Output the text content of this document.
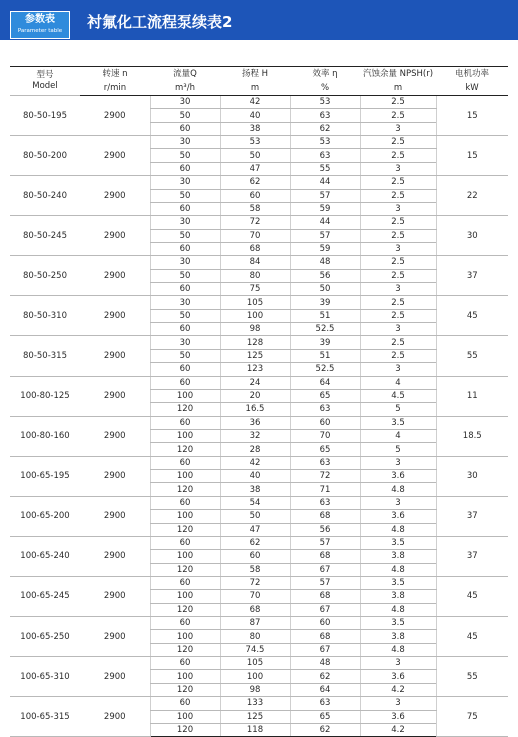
参数表
Parameter table	衬氟化工流程泵续表2
型号
Model	转速 n	流量Q	扬程 H	效率 η	汽蚀余量 NPSH(r)	电机功率
	r/min	m³/h	m	%	m	kW
80-50-195	2900	30	42	53	2.5	15
		50	40	63	2.5	
		60	38	62	3	
80-50-200	2900	30	53	53	2.5	15
		50	50	63	2.5	
		60	47	55	3	
80-50-240	2900	30	62	44	2.5	22
		50	60	57	2.5	
		60	58	59	3	
80-50-245	2900	30	72	44	2.5	30
		50	70	57	2.5	
		60	68	59	3	
80-50-250	2900	30	84	48	2.5	37
		50	80	56	2.5	
		60	75	50	3	
80-50-310	2900	30	105	39	2.5	45
		50	100	51	2.5	
		60	98	52.5	3	
80-50-315	2900	30	128	39	2.5	55
		50	125	51	2.5	
		60	123	52.5	3	
100-80-125	2900	60	24	64	4	11
		100	20	65	4.5	
		120	16.5	63	5	
100-80-160	2900	60	36	60	3.5	18.5
		100	32	70	4	
		120	28	65	5	
100-65-195	2900	60	42	63	3	30
		100	40	72	3.6	
		120	38	71	4.8	
100-65-200	2900	60	54	63	3	37
		100	50	68	3.6	
		120	47	56	4.8	
100-65-240	2900	60	62	57	3.5	37
		100	60	68	3.8	
		120	58	67	4.8	
100-65-245	2900	60	72	57	3.5	45
		100	70	68	3.8	
		120	68	67	4.8	
100-65-250	2900	60	87	60	3.5	45
		100	80	68	3.8	
		120	74.5	67	4.8	
100-65-310	2900	60	105	48	3	55
		100	100	62	3.6	
		120	98	64	4.2	
100-65-315	2900	60	133	63	3	75
		100	125	65	3.6	
		120	118	62	4.2	
